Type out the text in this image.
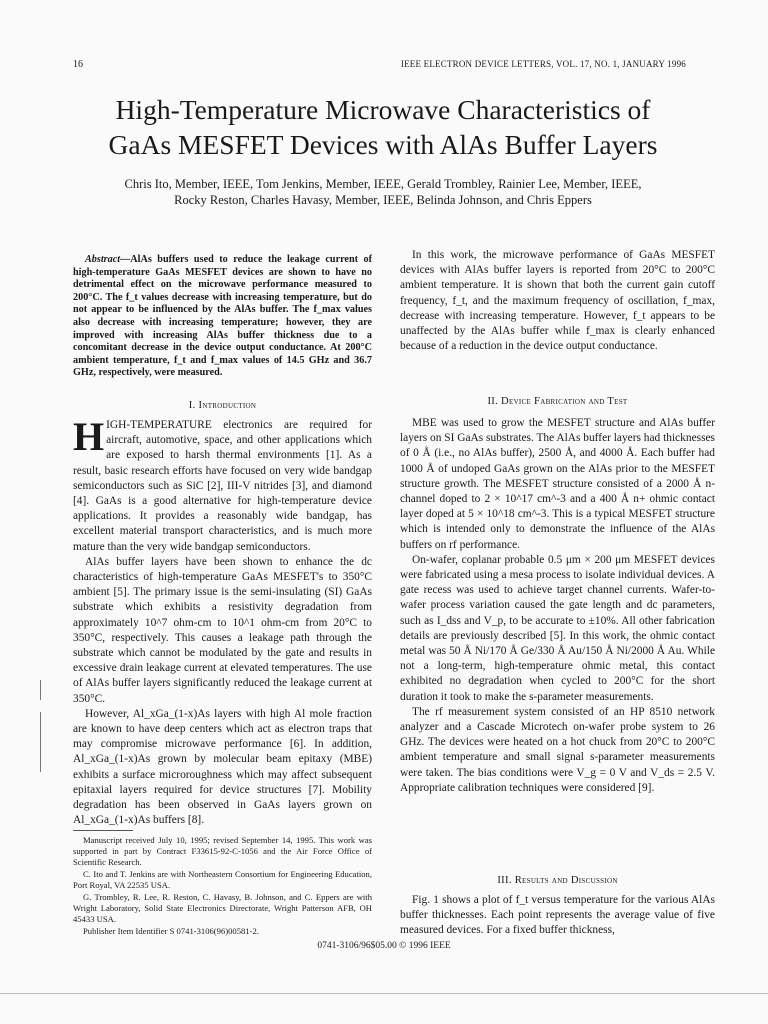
16	IEEE ELECTRON DEVICE LETTERS, VOL. 17, NO. 1, JANUARY 1996
High-Temperature Microwave Characteristics of
GaAs MESFET Devices with AlAs Buffer Layers
Chris Ito, Member, IEEE, Tom Jenkins, Member, IEEE, Gerald Trombley, Rainier Lee, Member, IEEE,
Rocky Reston, Charles Havasy, Member, IEEE, Belinda Johnson, and Chris Eppers
Abstract—AlAs buffers used to reduce the leakage current of high-temperature GaAs MESFET devices are shown to have no detrimental effect on the microwave performance measured to 200°C. The f_t values decrease with increasing temperature, but do not appear to be influenced by the AlAs buffer. The f_max values also decrease with increasing temperature; however, they are improved with increasing AlAs buffer thickness due to a concomitant decrease in the device output conductance. At 200°C ambient temperature, f_t and f_max values of 14.5 GHz and 36.7 GHz, respectively, were measured.
I. Introduction

HIGH-TEMPERATURE electronics are required for aircraft, automotive, space, and other applications which are exposed to harsh thermal environments [1]. As a result, basic research efforts have focused on very wide bandgap semiconductors such as SiC [2], III-V nitrides [3], and diamond [4]. GaAs is a good alternative for high-temperature device applications. It provides a reasonably wide bandgap, has excellent material transport characteristics, and is much more mature than the very wide bandgap semiconductors.

AlAs buffer layers have been shown to enhance the dc characteristics of high-temperature GaAs MESFET's to 350°C ambient [5]. The primary issue is the semi-insulating (SI) GaAs substrate which exhibits a resistivity degradation from approximately 10^7 ohm-cm to 10^1 ohm-cm from 20°C to 350°C, respectively. This causes a leakage path through the substrate which cannot be modulated by the gate and results in excessive drain leakage current at elevated temperatures. The use of AlAs buffer layers significantly reduced the leakage current at 350°C.

However, Al_xGa_(1-x)As layers with high Al mole fraction are known to have deep centers which act as electron traps that may compromise microwave performance [6]. In addition, Al_xGa_(1-x)As grown by molecular beam epitaxy (MBE) exhibits a surface microroughness which may affect subsequent epitaxial layers required for device structures [7]. Mobility degradation has been observed in GaAs layers grown on Al_xGa_(1-x)As buffers [8].

Manuscript received July 10, 1995; revised September 14, 1995. This work was supported in part by Contract F33615-92-C-1056 and the Air Force Office of Scientific Research.

C. Ito and T. Jenkins are with Northeastern Consortium for Engineering Education, Port Royal, VA 22535 USA.

G. Trombley, R. Lee, R. Reston, C. Havasy, B. Johnson, and C. Eppers are with Wright Laboratory, Solid State Electronics Directorate, Wright Patterson AFB, OH 45433 USA.

Publisher Item Identifier S 0741-3106(96)00581-2.

In this work, the microwave performance of GaAs MESFET devices with AlAs buffer layers is reported from 20°C to 200°C ambient temperature. It is shown that both the current gain cutoff frequency, f_t, and the maximum frequency of oscillation, f_max, decrease with increasing temperature. However, f_t appears to be unaffected by the AlAs buffer while f_max is clearly enhanced because of a reduction in the device output conductance.

II. Device Fabrication and Test

MBE was used to grow the MESFET structure and AlAs buffer layers on SI GaAs substrates. The AlAs buffer layers had thicknesses of 0 Å (i.e., no AlAs buffer), 2500 Å, and 4000 Å. Each buffer had 1000 Å of undoped GaAs grown on the AlAs prior to the MESFET structure growth. The MESFET structure consisted of a 2000 Å n-channel doped to 2 × 10^17 cm^-3 and a 400 Å n+ ohmic contact layer doped at 5 × 10^18 cm^-3. This is a typical MESFET structure which is intended only to demonstrate the influence of the AlAs buffers on rf performance.

On-wafer, coplanar probable 0.5 μm × 200 μm MESFET devices were fabricated using a mesa process to isolate individual devices. A gate recess was used to achieve target channel currents. Wafer-to-wafer process variation caused the gate length and dc parameters, such as I_dss and V_p, to be accurate to ±10%. All other fabrication details are previously described [5]. In this work, the ohmic contact metal was 50 Å Ni/170 Å Ge/330 Å Au/150 Å Ni/2000 Å Au. While not a long-term, high-temperature ohmic metal, this contact exhibited no degradation when cycled to 200°C for the short duration it took to make the s-parameter measurements.

The rf measurement system consisted of an HP 8510 network analyzer and a Cascade Microtech on-wafer probe system to 26 GHz. The devices were heated on a hot chuck from 20°C to 200°C ambient temperature and small signal s-parameter measurements were taken. The bias conditions were V_g = 0 V and V_ds = 2.5 V. Appropriate calibration techniques were considered [9].

III. Results and Discussion

Fig. 1 shows a plot of f_t versus temperature for the various AlAs buffer thicknesses. Each point represents the average value of five measured devices. For a fixed buffer thickness,

0741-3106/96$05.00 © 1996 IEEE
